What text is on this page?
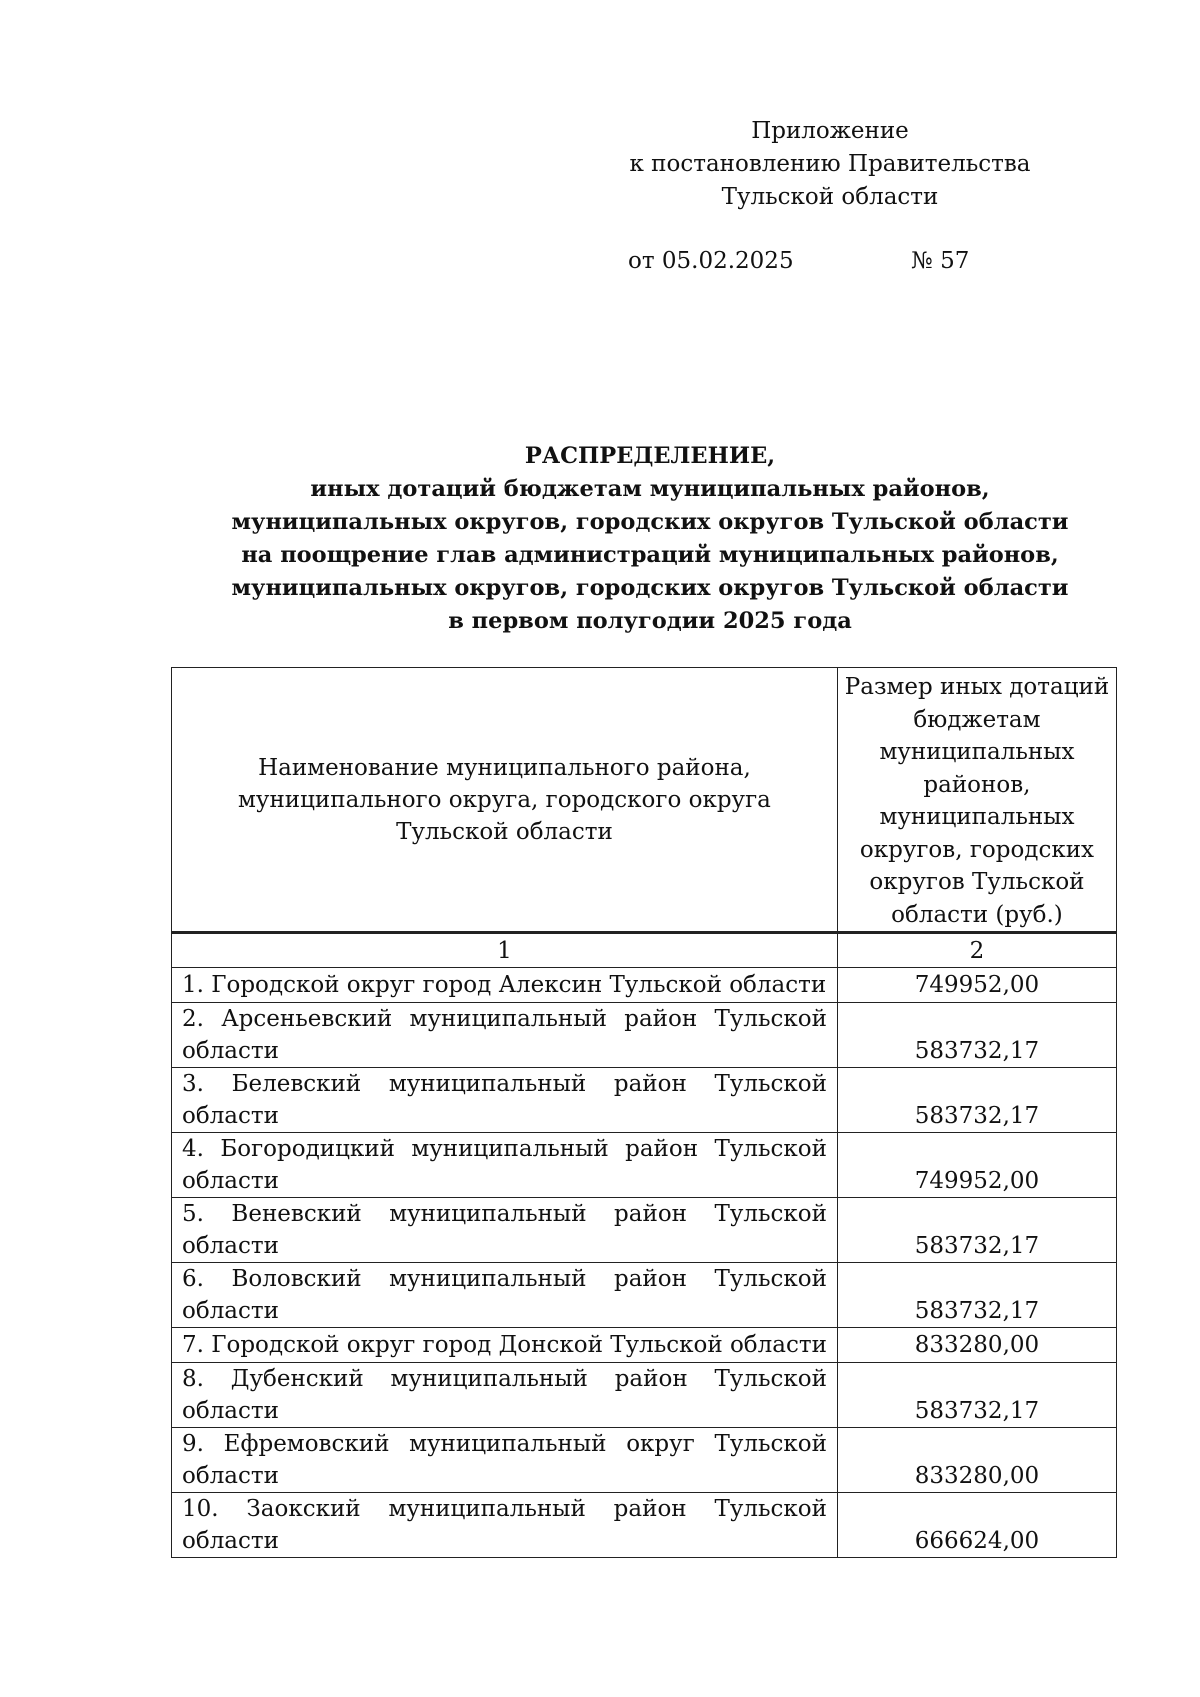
Приложение
к постановлению Правительства
Тульской области
от 05.02.2025	№ 57
РАСПРЕДЕЛЕНИЕ,
иных дотаций бюджетам муниципальных районов,
муниципальных округов, городских округов Тульской области
на поощрение глав администраций муниципальных районов,
муниципальных округов, городских округов Тульской области
в первом полугодии 2025 года
Наименование муниципального района, муниципального округа, городского округа Тульской области	Размер иных дотаций бюджетам муниципальных районов, муниципальных округов, городских округов Тульской области (руб.)
1	2
1. Городской округ город Алексин Тульской области	749952,00
2. Арсеньевский муниципальный район Тульской области	583732,17
3. Белевский муниципальный район Тульской области	583732,17
4. Богородицкий муниципальный район Тульской области	749952,00
5. Веневский муниципальный район Тульской области	583732,17
6. Воловский муниципальный район Тульской области	583732,17
7. Городской округ город Донской Тульской области	833280,00
8. Дубенский муниципальный район Тульской области	583732,17
9. Ефремовский муниципальный округ Тульской области	833280,00
10. Заокский муниципальный район Тульской области	666624,00
